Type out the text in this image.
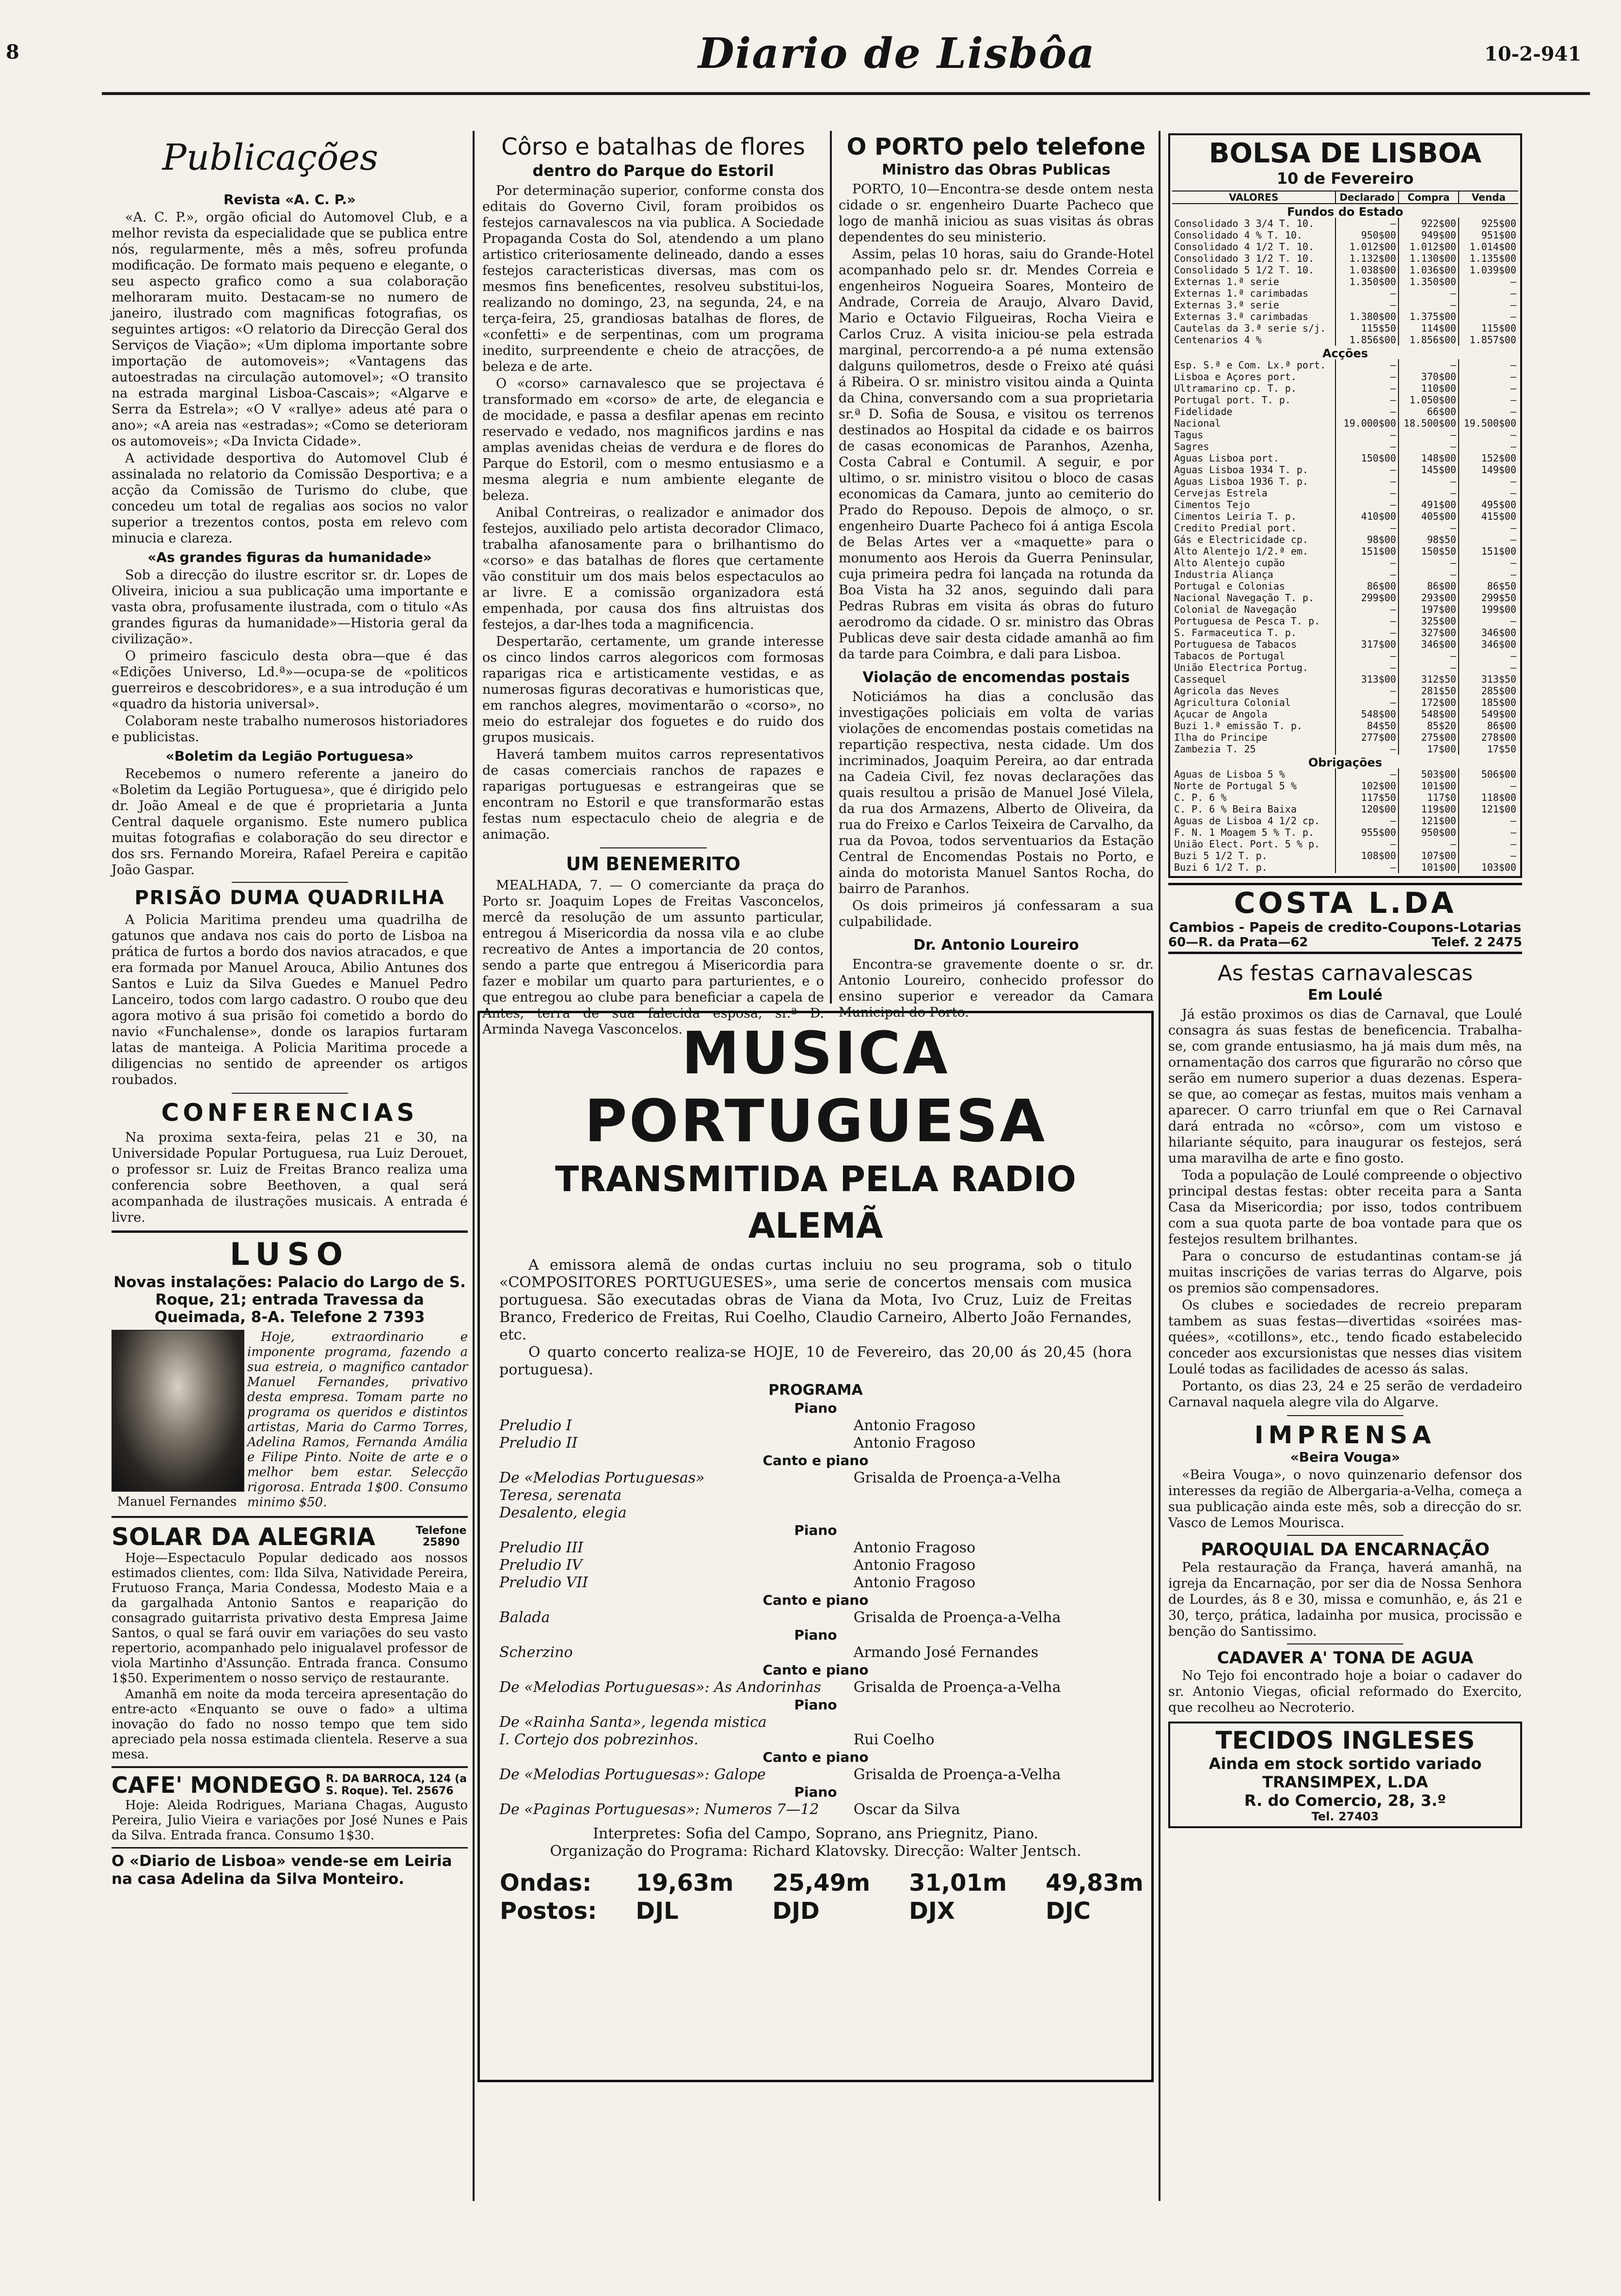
8	Diario de Lisbôa	10-2-941
Publicações
Revista «A. C. P.»

«A. C. P.», orgão oficial do Automovel Club, e a melhor revista da especialidade que se publica entre nós, regularmente, mês a mês, sofreu profunda modificação. De formato mais pequeno e elegante, o seu aspecto grafico como a sua colaboração melhoraram muito. Destacam-se no numero de janeiro, ilustrado com magnificas fotografias, os seguintes artigos: «O relatorio da Direcção Geral dos Serviços de Viação»; «Um diploma importante sobre importação de automoveis»; «Vantagens das autoestradas na circulação automovel»; «O transito na estrada marginal Lisboa-Cascais»; «Algarve e Serra da Estrela»; «O V «rallye» adeus até para o ano»; «A areia nas «estradas»; «Como se deterioram os automoveis»; «Da Invicta Cidade».

A actividade desportiva do Automovel Club é assinalada no relatorio da Comissão Desportiva; e a acção da Comissão de Turismo do clube, que concedeu um total de regalias aos socios no valor superior a trezentos contos, posta em relevo com minucia e clareza.

«As grandes figuras da humanidade»

Sob a direcção do ilustre escritor sr. dr. Lopes de Oliveira, iniciou a sua publicação uma importante e vasta obra, profusamente ilustrada, com o titulo «As grandes figuras da humanidade»—Historia geral da civilização».

O primeiro fasciculo desta obra—que é das «Edições Universo, Ld.ª»—ocupa-se de «politicos guerreiros e descobridores», e a sua introdução é um «quadro da historia universal».

Colaboram neste trabalho numerosos historiadores e publicistas.

«Boletim da Legião Portuguesa»

Recebemos o numero referente a janeiro do «Boletim da Legião Portuguesa», que é dirigido pelo dr. João Ameal e de que é proprietaria a Junta Central daquele organismo. Este numero publica muitas fotografias e colaboração do seu director e dos srs. Fernando Moreira, Rafael Pereira e capitão João Gaspar.

PRISÃO DUMA QUADRILHA

A Policia Maritima prendeu uma quadrilha de gatunos que andava nos cais do porto de Lisboa na prática de furtos a bordo dos navios atracados, e que era formada por Manuel Arouca, Abilio Antunes dos Santos e Luiz da Silva Guedes e Manuel Pedro Lanceiro, todos com largo cadastro. O roubo que deu agora motivo á sua prisão foi cometido a bordo do navio «Funchalense», donde os larapios furtaram latas de manteiga. A Policia Maritima procede a diligencias no sentido de apreender os artigos roubados.

CONFERENCIAS

Na proxima sexta-feira, pelas 21 e 30, na Universidade Popular Portuguesa, rua Luiz Derouet, o professor sr. Luiz de Freitas Branco realiza uma conferencia sobre Beethoven, a qual será acompanhada de ilustrações musicais. A entrada é livre.

LUSO
Novas instalações: Palacio do Largo de S. Roque, 21; entrada Travessa da Queimada, 8-A. Telefone 2 7393
Manuel Fernandes

Hoje, extraordinario e imponente programa, fazendo a sua estreia, o magnifico cantador Manuel Fernandes, privativo desta empresa. Tomam parte no programa os queridos e distintos artistas, Maria do Carmo Torres, Adelina Ramos, Fernanda Amália e Filipe Pinto. Noite de arte e o melhor bem estar. Selecção rigorosa. Entrada 1$00. Consumo minimo $50.

SOLAR DA ALEGRIA	Telefone 25890

Hoje—Espectaculo Popular dedicado aos nossos estimados clientes, com: Ilda Silva, Natividade Pereira, Frutuoso França, Maria Condessa, Modesto Maia e a da gargalhada Antonio Santos e reaparição do consagrado guitarrista privativo desta Empresa Jaime Santos, o qual se fará ouvir em variações do seu vasto repertorio, acompanhado pelo inigualavel professor de viola Martinho d'Assunção. Entrada franca. Consumo 1$50. Experimentem o nosso serviço de restaurante.

Amanhã em noite da moda terceira apresentação do entre-acto «Enquanto se ouve o fado» a ultima inovação do fado no nosso tempo que tem sido apreciado pela nossa estimada clientela. Reserve a sua mesa.

CAFE' MONDEGO R. DA BARROCA, 124 (a S. Roque). Tel. 25676

Hoje: Aleida Rodrigues, Mariana Chagas, Augusto Pereira, Julio Vieira e variações por José Nunes e Pais da Silva. Entrada franca. Consumo 1$30.

O «Diario de Lisboa» vende-se em Leiria na casa Adelina da Silva Monteiro.
Côrso e batalhas de flores
dentro do Parque do Estoril

Por determinação superior, conforme consta dos editais do Governo Civil, foram proibidos os festejos carnavalescos na via publica. A Sociedade Propaganda Costa do Sol, atendendo a um plano artistico criteriosamente delineado, dando a esses festejos caracteristicas diversas, mas com os mesmos fins beneficentes, resolveu substitui-los, realizando no domingo, 23, na segunda, 24, e na terça-feira, 25, grandiosas batalhas de flores, de «confetti» e de serpentinas, com um programa inedito, surpreendente e cheio de atracções, de beleza e de arte.

O «corso» carnavalesco que se projectava é transformado em «corso» de arte, de elegancia e de mocidade, e passa a desfilar apenas em recinto reservado e vedado, nos magnificos jardins e nas amplas avenidas cheias de verdura e de flores do Parque do Estoril, com o mesmo entusiasmo e a mesma alegria e num ambiente elegante de beleza.

Anibal Contreiras, o realizador e animador dos festejos, auxiliado pelo artista decorador Climaco, trabalha afanosamente para o brilhantismo do «corso» e das batalhas de flores que certamente vão constituir um dos mais belos espectaculos ao ar livre. E a comissão organizadora está empenhada, por causa dos fins altruistas dos festejos, a dar-lhes toda a magnificencia.

Despertarão, certamente, um grande interesse os cinco lindos carros alegoricos com formosas raparigas rica e artisticamente vestidas, e as numerosas figuras decorativas e humoristicas que, em ranchos alegres, movimentarão o «corso», no meio do estralejar dos foguetes e do ruido dos grupos musicais.

Haverá tambem muitos carros representativos de casas comerciais ranchos de rapazes e raparigas portuguesas e estrangeiras que se encontram no Estoril e que transformarão estas festas num espectaculo cheio de alegria e de animação.

UM BENEMERITO

MEALHADA, 7. — O comerciante da praça do Porto sr. Joaquim Lopes de Freitas Vasconcelos, mercê da resolução de um assunto particular, entregou á Misericordia da nossa vila e ao clube recreativo de Antes a importancia de 20 contos, sendo a parte que entregou á Misericordia para fazer e mobilar um quarto para parturientes, e o que entregou ao clube para beneficiar a capela de Antes, terra de sua falecida esposa, sr.ª D. Arminda Navega Vasconcelos.

O PORTO pelo telefone
Ministro das Obras Publicas

PORTO, 10—Encontra-se desde ontem nesta cidade o sr. engenheiro Duarte Pacheco que logo de manhã iniciou as suas visitas ás obras dependentes do seu ministerio.

Assim, pelas 10 horas, saiu do Grande-Hotel acompanhado pelo sr. dr. Mendes Correia e engenheiros Nogueira Soares, Monteiro de Andrade, Correia de Araujo, Alvaro David, Mario e Octavio Filgueiras, Rocha Vieira e Carlos Cruz. A visita iniciou-se pela estrada marginal, percorrendo-a a pé numa extensão dalguns quilometros, desde o Freixo até quási á Ribeira. O sr. ministro visitou ainda a Quinta da China, conversando com a sua proprietaria sr.ª D. Sofia de Sousa, e visitou os terrenos destinados ao Hospital da cidade e os bairros de casas economicas de Paranhos, Azenha, Costa Cabral e Contumil. A seguir, e por ultimo, o sr. ministro visitou o bloco de casas economicas da Camara, junto ao cemiterio do Prado do Repouso. Depois de almoço, o sr. engenheiro Duarte Pacheco foi á antiga Escola de Belas Artes ver a «maquette» para o monumento aos Herois da Guerra Peninsular, cuja primeira pedra foi lançada na rotunda da Boa Vista ha 32 anos, seguindo dali para Pedras Rubras em visita ás obras do futuro aerodromo da cidade. O sr. ministro das Obras Publicas deve sair desta cidade amanhã ao fim da tarde para Coimbra, e dali para Lisboa.

Violação de encomendas postais

Noticiámos ha dias a conclusão das investigações policiais em volta de varias violações de encomendas postais cometidas na repartição respectiva, nesta cidade. Um dos incriminados, Joaquim Pereira, ao dar entrada na Cadeia Civil, fez novas declarações das quais resultou a prisão de Manuel José Vilela, da rua dos Armazens, Alberto de Oliveira, da rua do Freixo e Carlos Teixeira de Carvalho, da rua da Povoa, todos serventuarios da Estação Central de Encomendas Postais no Porto, e ainda do motorista Manuel Santos Rocha, do bairro de Paranhos.

Os dois primeiros já confessaram a sua culpabilidade.

Dr. Antonio Loureiro

Encontra-se gravemente doente o sr. dr. Antonio Loureiro, conhecido professor do ensino superior e vereador da Camara Municipal do Porto.

MUSICA PORTUGUESA
TRANSMITIDA PELA RADIO ALEMÃ

A emissora alemã de ondas curtas incluiu no seu programa, sob o titulo «COMPOSITORES PORTUGUESES», uma serie de concertos mensais com musica portuguesa. São executadas obras de Viana da Mota, Ivo Cruz, Luiz de Freitas Branco, Frederico de Freitas, Rui Coelho, Claudio Carneiro, Alberto João Fernandes, etc.

O quarto concerto realiza-se HOJE, 10 de Fevereiro, das 20,00 ás 20,45 (hora portuguesa).

PROGRAMA
Piano	
Preludio I	Antonio Fragoso
Preludio II	Antonio Fragoso
Canto e piano	
De «Melodias Portuguesas»	Grisalda de Proença-a-Velha
Teresa, serenata	
Desalento, elegia	
Piano	
Preludio III	Antonio Fragoso
Preludio IV	Antonio Fragoso
Preludio VII	Antonio Fragoso
Canto e piano	
Balada	Grisalda de Proença-a-Velha
Piano	
Scherzino	Armando José Fernandes
Canto e piano	
De «Melodias Portuguesas»: As Andorinhas	Grisalda de Proença-a-Velha
Piano	
De «Rainha Santa», legenda mistica	
I. Cortejo dos pobrezinhos.	Rui Coelho
Canto e piano	
De «Melodias Portuguesas»: Galope	Grisalda de Proença-a-Velha
Piano	
De «Paginas Portuguesas»: Numeros 7—12	Oscar da Silva
Interpretes: Sofia del Campo, Soprano, ans Priegnitz, Piano.
Organização do Programa: Richard Klatovsky. Direcção: Walter Jentsch.
Ondas:	19,63m	25,49m	31,01m	49,83m
Postos:	DJL	DJD	DJX	DJC
BOLSA DE LISBOA
10 de Fevereiro
VALORES	Declarado	Compra	Venda
Fundos do Estado			
Consolidado 3 3/4 T. 10.	—	922$00	925$00
Consolidado 4 % T. 10.	950$00	949$00	951$00
Consolidado 4 1/2 T. 10.	1.012$00	1.012$00	1.014$00
Consolidado 3 1/2 T. 10.	1.132$00	1.130$00	1.135$00
Consolidado 5 1/2 T. 10.	1.038$00	1.036$00	1.039$00
Externas 1.ª serie	1.350$00	1.350$00	—
Externas 1.ª carimbadas	—	—	—
Externas 3.ª serie	—	—	—
Externas 3.ª carimbadas	1.380$00	1.375$00	—
Cautelas da 3.ª serie s/j.	115$50	114$00	115$00
Centenarios 4 %	1.856$00	1.856$00	1.857$00
Acções			
Esp. S.ª e Com. Lx.ª port.	—	—	—
Lisboa e Açores port.	—	370$00	—
Ultramarino cp. T. p.	—	110$00	—
Portugal port. T. p.	—	1.050$00	—
Fidelidade	—	66$00	—
Nacional	19.000$00	18.500$00	19.500$00
Tagus	—	—	—
Sagres	—	—	—
Aguas Lisboa port.	150$00	148$00	152$00
Aguas Lisboa 1934 T. p.	—	145$00	149$00
Aguas Lisboa 1936 T. p.	—	—	—
Cervejas Estrela	—	—	—
Cimentos Tejo	—	491$00	495$00
Cimentos Leiria T. p.	410$00	405$00	415$00
Credito Predial port.	—	—	—
Gás e Electricidade cp.	98$00	98$50	—
Alto Alentejo 1/2.ª em.	151$00	150$50	151$00
Alto Alentejo cupão	—	—	—
Industria Aliança	—	—	—
Portugal e Colonias	86$00	86$00	86$50
Nacional Navegação T. p.	299$00	293$00	299$50
Colonial de Navegação	—	197$00	199$00
Portuguesa de Pesca T. p.	—	325$00	—
S. Farmaceutica T. p.	—	327$00	346$00
Portuguesa de Tabacos	317$00	346$00	346$00
Tabacos de Portugal	—	—	—
União Electrica Portug.	—	—	—
Cassequel	313$00	312$50	313$50
Agricola das Neves	—	281$50	285$00
Agricultura Colonial	—	172$00	185$00
Açucar de Angola	548$00	548$00	549$00
Buzi 1.ª emissão T. p.	84$50	85$20	86$00
Ilha do Principe	277$00	275$00	278$00
Zambezia T. 25	—	17$00	17$50
Obrigações			
Aguas de Lisboa 5 %	—	503$00	506$00
Norte de Portugal 5 %	102$00	101$00	—
C. P. 6 %	117$50	117$0	118$00
C. P. 6 % Beira Baixa	120$00	119$00	121$00
Aguas de Lisboa 4 1/2 cp.	—	121$00	—
F. N. 1 Moagem 5 % T. p.	955$00	950$00	—
União Elect. Port. 5 % p.	—	—	—
Buzi 5 1/2 T. p.	108$00	107$00	—
Buzi 6 1/2 T. p.	—	101$00	103$00
COSTA L.DA
Cambios - Papeis de credito-Coupons-Lotarias
60—R. da Prata—62	Telef. 2 2475
As festas carnavalescas
Em Loulé

Já estão proximos os dias de Carnaval, que Loulé consagra ás suas festas de beneficencia. Trabalha-se, com grande entusiasmo, ha já mais dum mês, na ornamentação dos carros que figurarão no côrso que serão em numero superior a duas dezenas. Espera-se que, ao começar as festas, muitos mais venham a aparecer. O carro triunfal em que o Rei Carnaval dará entrada no «côrso», com um vistoso e hilariante séquito, para inaugurar os festejos, será uma maravilha de arte e fino gosto.

Toda a população de Loulé compreende o objectivo principal destas festas: obter receita para a Santa Casa da Misericordia; por isso, todos contribuem com a sua quota parte de boa vontade para que os festejos resultem brilhantes.

Para o concurso de estudantinas contam-se já muitas inscrições de varias terras do Algarve, pois os premios são compensadores.

Os clubes e sociedades de recreio preparam tambem as suas festas—divertidas «soirées mas-quées», «cotillons», etc., tendo ficado estabelecido conceder aos excursionistas que nesses dias visitem Loulé todas as facilidades de acesso ás salas.

Portanto, os dias 23, 24 e 25 serão de verdadeiro Carnaval naquela alegre vila do Algarve.

IMPRENSA
«Beira Vouga»

«Beira Vouga», o novo quinzenario defensor dos interesses da região de Albergaria-a-Velha, começa a sua publicação ainda este mês, sob a direcção do sr. Vasco de Lemos Mourisca.

PAROQUIAL DA ENCARNAÇÃO

Pela restauração da França, haverá amanhã, na igreja da Encarnação, por ser dia de Nossa Senhora de Lourdes, ás 8 e 30, missa e comunhão, e, ás 21 e 30, terço, prática, ladainha por musica, procissão e benção do Santissimo.

CADAVER A' TONA DE AGUA

No Tejo foi encontrado hoje a boiar o cadaver do sr. Antonio Viegas, oficial reformado do Exercito, que recolheu ao Necroterio.

TECIDOS INGLESES
Ainda em stock sortido variado
TRANSIMPEX, L.DA
R. do Comercio, 28, 3.º
Tel. 27403
